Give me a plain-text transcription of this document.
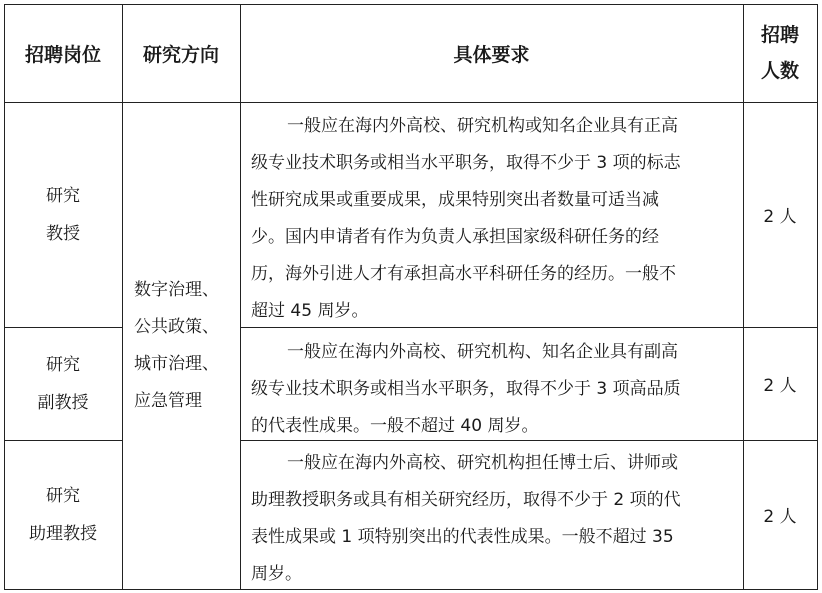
招聘岗位	研究方向	具体要求
招聘
人数
数字治理、
公共政策、
城市治理、
应急管理
研究
教授
一般应在海内外高校、研究机构或知名企业具有正高
级专业技术职务或相当水平职务，取得不少于 3 项的标志
性研究成果或重要成果，成果特别突出者数量可适当减
少。国内申请者有作为负责人承担国家级科研任务的经
历，海外引进人才有承担高水平科研任务的经历。一般不
超过 45 周岁。
2 人
研究
副教授
一般应在海内外高校、研究机构、知名企业具有副高
级专业技术职务或相当水平职务，取得不少于 3 项高品质
的代表性成果。一般不超过 40 周岁。
2 人
研究
助理教授
一般应在海内外高校、研究机构担任博士后、讲师或
助理教授职务或具有相关研究经历，取得不少于 2 项的代
表性成果或 1 项特别突出的代表性成果。一般不超过 35
周岁。
2 人
